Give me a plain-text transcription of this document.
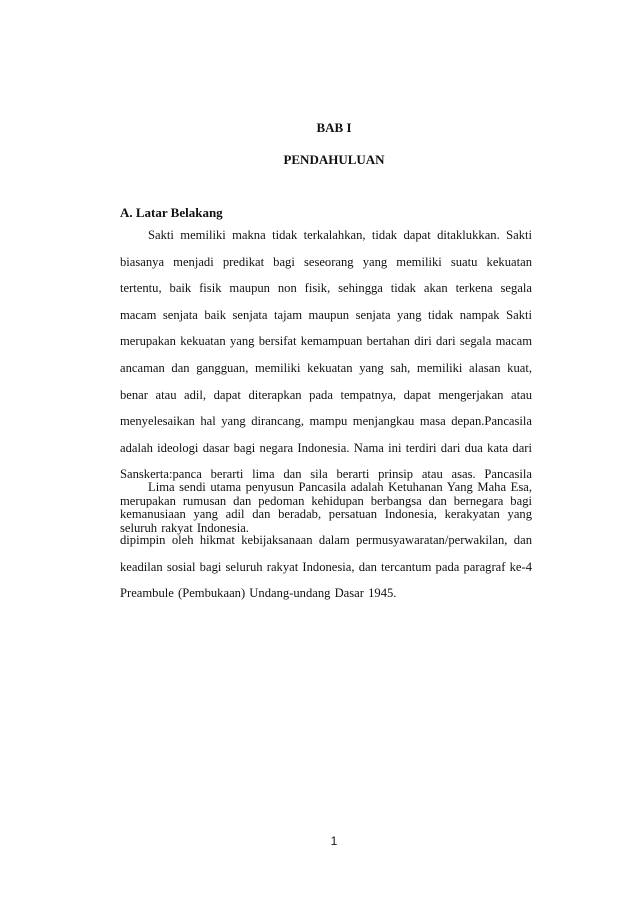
BAB I
PENDAHULUAN
A. Latar Belakang

Sakti memiliki makna tidak terkalahkan, tidak dapat ditaklukkan. Sakti biasanya menjadi predikat bagi seseorang yang memiliki suatu kekuatan tertentu, baik fisik maupun non fisik, sehingga tidak akan terkena segala macam senjata baik senjata tajam maupun senjata yang tidak nampak Sakti merupakan kekuatan yang bersifat kemampuan bertahan diri dari segala macam ancaman dan gangguan, memiliki kekuatan yang sah, memiliki alasan kuat, benar atau adil, dapat diterapkan pada tempatnya, dapat mengerjakan atau menyelesaikan hal yang dirancang, mampu menjangkau masa depan.Pancasila adalah ideologi dasar bagi negara Indonesia. Nama ini terdiri dari dua kata dari Sanskerta:panca berarti lima dan sila berarti prinsip atau asas. Pancasila merupakan rumusan dan pedoman kehidupan berbangsa dan bernegara bagi seluruh rakyat Indonesia.

Lima sendi utama penyusun Pancasila adalah Ketuhanan Yang Maha Esa, kemanusiaan yang adil dan beradab, persatuan Indonesia, kerakyatan yang dipimpin oleh hikmat kebijaksanaan dalam permusyawaratan/perwakilan, dan keadilan sosial bagi seluruh rakyat Indonesia, dan tercantum pada paragraf ke-4 Preambule (Pembukaan) Undang-undang Dasar 1945.

1
